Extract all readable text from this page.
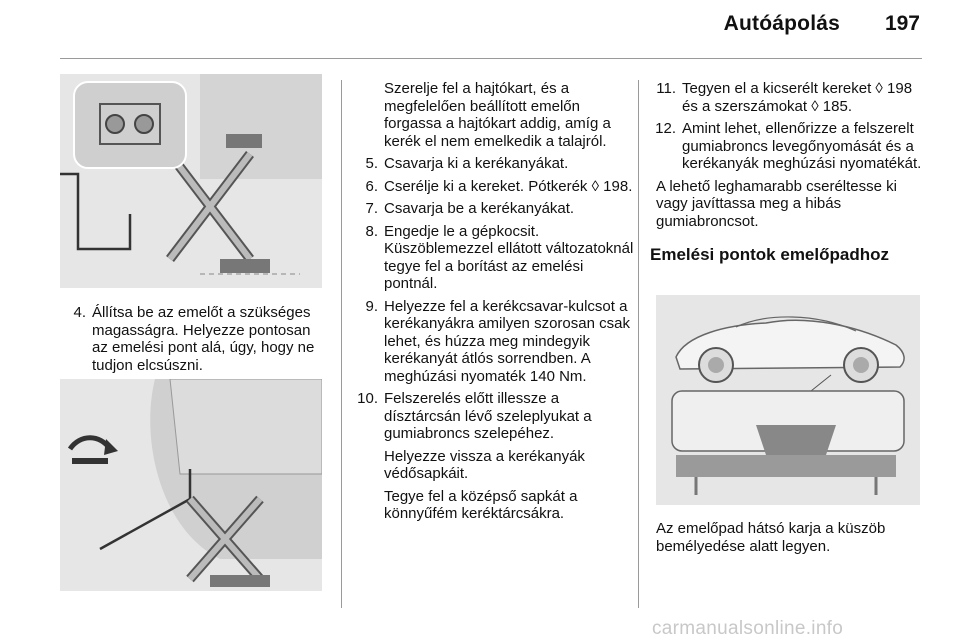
Autóápolás	197
4. Állítsa be az emelőt a szükséges magasságra. Helyezze pontosan az emelési pont alá, úgy, hogy ne tudjon elcsúszni.
Szerelje fel a hajtókart, és a megfelelően beállított emelőn forgassa a hajtókart addig, amíg a kerék el nem emelkedik a talajról.
5. Csavarja ki a kerékanyákat.
6. Cserélje ki a kereket. Pótkerék ◊ 198.
7. Csavarja be a kerékanyákat.
8. Engedje le a gépkocsit. Küszöblemezzel ellátott változatoknál tegye fel a borítást az emelési pontnál.
9. Helyezze fel a kerékcsavar-kulcsot a kerékanyákra amilyen szorosan csak lehet, és húzza meg mindegyik kerékanyát átlós sorrendben. A meghúzási nyomaték 140 Nm.
10. Felszerelés előtt illessze a dísztárcsán lévő szeleplyukat a gumiabroncs szelepéhez.
Helyezze vissza a kerékanyák védősapkáit.
Tegye fel a középső sapkát a könnyűfém keréktárcsákra.
11. Tegyen el a kicserélt kereket ◊ 198 és a szerszámokat ◊ 185.
12. Amint lehet, ellenőrizze a felszerelt gumiabroncs levegőnyomását és a kerékanyák meghúzási nyomatékát.
A lehető leghamarabb cseréltesse ki vagy javíttassa meg a hibás gumiabroncsot.
Emelési pontok emelőpadhoz
Az emelőpad hátsó karja a küszöb bemélyedése alatt legyen.
carmanualsonline.info
